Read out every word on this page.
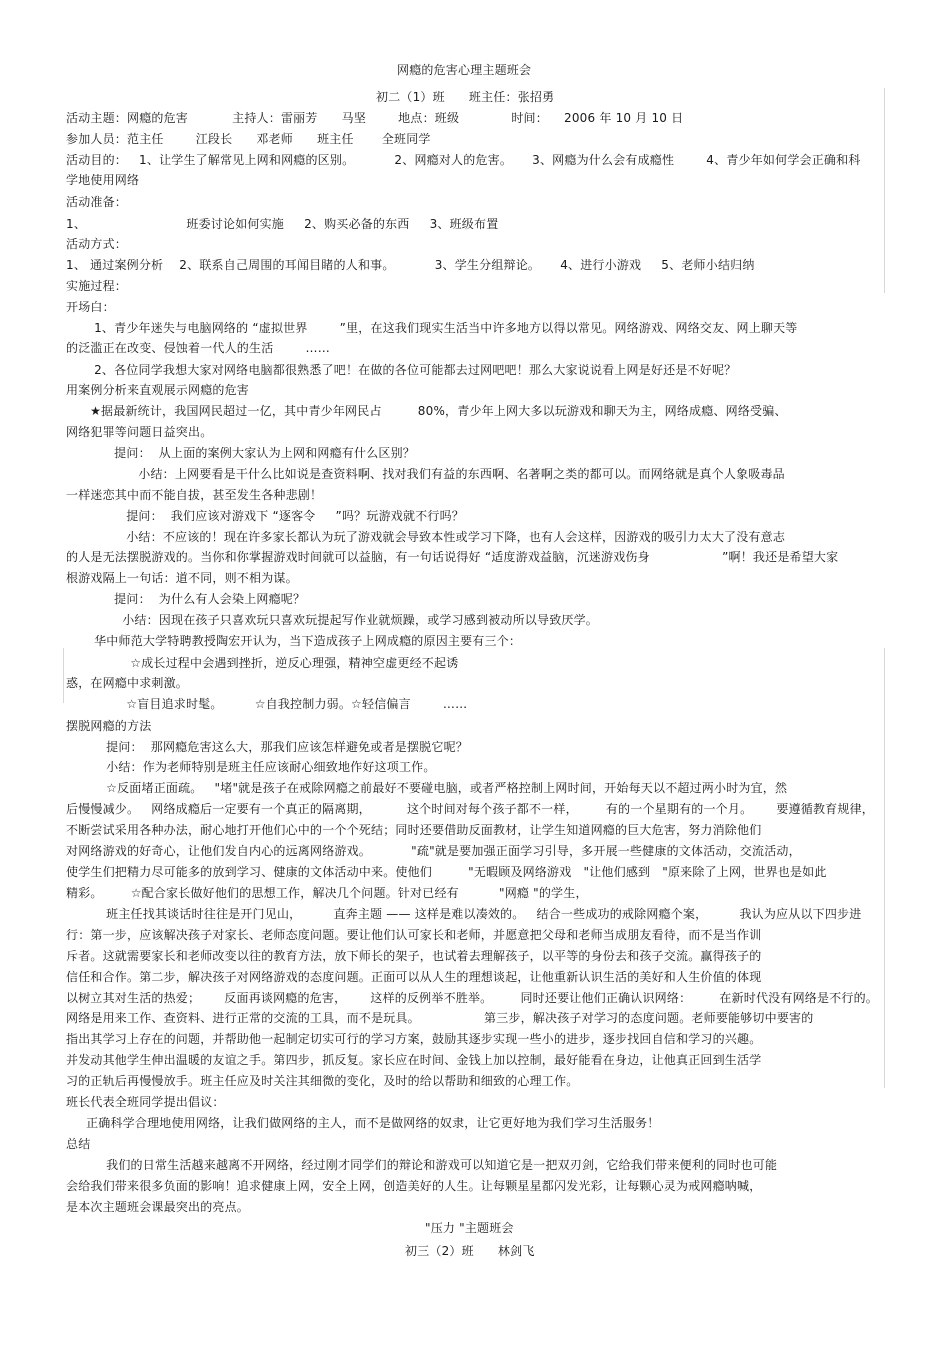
网瘾的危害心理主题班会
初二（1）班      班主任：张招勇
活动主题：网瘾的危害           主持人：雷丽芳      马坚        地点：班级             时间：    2006 年 10 月 10 日
参加人员：范主任        江段长      邓老师      班主任       全班同学
活动目的：   1、让学生了解常见上网和网瘾的区别。          2、网瘾对人的危害。     3、网瘾为什么会有成瘾性        4、青少年如何学会正确和科
学地使用网络
活动准备：
1、                         班委讨论如何实施     2、购买必备的东西     3、班级布置
活动方式：
1、 通过案例分析    2、联系自己周围的耳闻目睹的人和事。          3、学生分组辩论。     4、进行小游戏     5、老师小结归纳
实施过程：
开场白：
1、青少年迷失与电脑网络的 “虚拟世界        ”里，在这我们现实生活当中许多地方以得以常见。网络游戏、网络交友、网上聊天等
的泛滥正在改变、侵蚀着一代人的生活        ……
2、各位同学我想大家对网络电脑都很熟悉了吧！在做的各位可能都去过网吧吧！那么大家说说看上网是好还是不好呢？
用案例分析来直观展示网瘾的危害
★据最新统计，我国网民超过一亿，其中青少年网民占         80%，青少年上网大多以玩游戏和聊天为主，网络成瘾、网络受骗、
网络犯罪等问题日益突出。
提问：  从上面的案例大家认为上网和网瘾有什么区别？
小结：上网要看是干什么比如说是查资料啊、找对我们有益的东西啊、名著啊之类的都可以。而网络就是真个人象吸毒品
一样迷恋其中而不能自拔，甚至发生各种悲剧！
提问：  我们应该对游戏下 “逐客令     ”吗？玩游戏就不行吗？
小结：不应该的！现在许多家长都认为玩了游戏就会导致本性或学习下降，也有人会这样，因游戏的吸引力太大了没有意志
的人是无法摆脱游戏的。当你和你掌握游戏时间就可以益脑，有一句话说得好 “适度游戏益脑，沉迷游戏伤身                  ”啊！我还是希望大家
根游戏隔上一句话：道不同，则不相为谋。
提问：  为什么有人会染上网瘾呢？
小结：因现在孩子只喜欢玩只喜欢玩提起写作业就烦躁，或学习感到被动所以导致厌学。
华中师范大学特聘教授陶宏开认为，当下造成孩子上网成瘾的原因主要有三个：
☆成长过程中会遇到挫折，逆反心理强，精神空虚更经不起诱
惑，在网瘾中求刺激。
☆盲目追求时髦。        ☆自我控制力弱。☆轻信偏言        ……
摆脱网瘾的方法
提问：  那网瘾危害这么大，那我们应该怎样避免或者是摆脱它呢？
小结：作为老师特别是班主任应该耐心细致地作好这项工作。
☆反面堵正面疏。   "堵"就是孩子在戒除网瘾之前最好不要碰电脑，或者严格控制上网时间，开始每天以不超过两小时为宜，然
后慢慢减少。   网络成瘾后一定要有一个真正的隔离期，         这个时间对每个孩子都不一样，       有的一个星期有的一个月。      要遵循教育规律，
不断尝试采用各种办法，耐心地打开他们心中的一个个死结；同时还要借助反面教材，让学生知道网瘾的巨大危害，努力消除他们
对网络游戏的好奇心，让他们发自内心的远离网络游戏。          "疏"就是要加强正面学习引导，多开展一些健康的文体活动，交流活动，
使学生们把精力尽可能多的放到学习、健康的文体活动中来。使他们         "无暇顾及网络游戏   "让他们感到   "原来除了上网，世界也是如此
精彩。       ☆配合家长做好他们的思想工作，解决几个问题。针对已经有          "网瘾 "的学生，
班主任找其谈话时往往是开门见山，        直奔主题 —— 这样是难以凑效的。   结合一些成功的戒除网瘾个案，        我认为应从以下四步进
行：第一步，应该解决孩子对家长、老师态度问题。要让他们认可家长和老师，并愿意把父母和老师当成朋友看待，而不是当作训
斥者。这就需要家长和老师改变以往的教育方法，放下师长的架子，也试着去理解孩子，以平等的身份去和孩子交流。赢得孩子的
信任和合作。第二步，解决孩子对网络游戏的态度问题。正面可以从人生的理想谈起，让他重新认识生活的美好和人生价值的体现
以树立其对生活的热爱；      反面再谈网瘾的危害，      这样的反例举不胜举。       同时还要让他们正确认识网络：       在新时代没有网络是不行的。
网络是用来工作、查资料、进行正常的交流的工具，而不是玩具。                第三步，解决孩子对学习的态度问题。老师要能够切中要害的
指出其学习上存在的问题，并帮助他一起制定切实可行的学习方案，鼓励其逐步实现一些小的进步，逐步找回自信和学习的兴趣。
并发动其他学生伸出温暖的友谊之手。第四步，抓反复。家长应在时间、金钱上加以控制，最好能看在身边，让他真正回到生活学
习的正轨后再慢慢放手。班主任应及时关注其细微的变化，及时的给以帮助和细致的心理工作。
班长代表全班同学提出倡议：
正确科学合理地使用网络，让我们做网络的主人，而不是做网络的奴隶，让它更好地为我们学习生活服务！
总结
我们的日常生活越来越离不开网络，经过刚才同学们的辩论和游戏可以知道它是一把双刃剑，它给我们带来便利的同时也可能
会给我们带来很多负面的影响！追求健康上网，安全上网，创造美好的人生。让每颗星星都闪发光彩，让每颗心灵为戒网瘾呐喊，
是本次主题班会课最突出的亮点。
"压力 "主题班会
初三（2）班      林剑飞
